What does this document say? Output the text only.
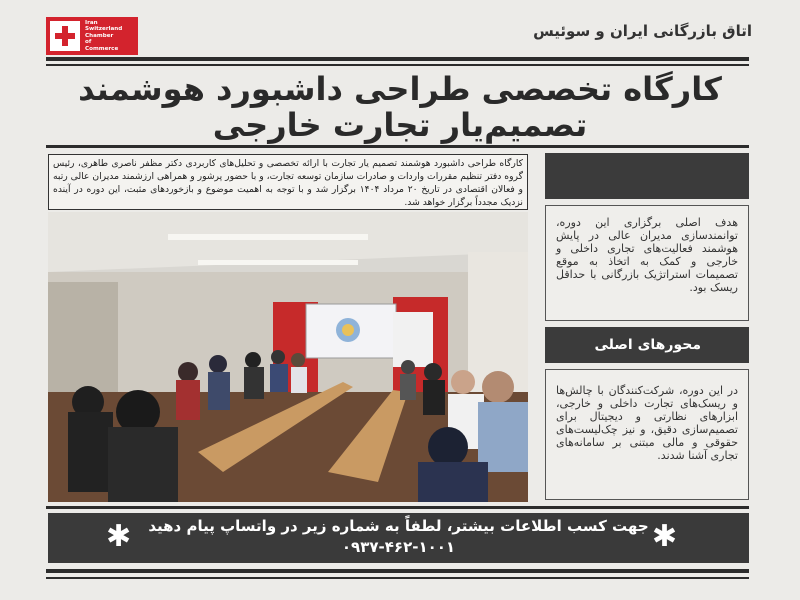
Iran
Switzerland
Chamber
of
Commerce
اتاق بازرگانی ایران و سوئیس
کارگاه تخصصی طراحی داشبورد هوشمند
تصمیم‌یار تجارت خارجی
کارگاه طراحی داشبورد هوشمند تصمیم یار تجارت با ارائه تخصصی و تحلیل‌های کاربردی دکتر مظفر ناصری طاهری، رئیس گروه دفتر تنظیم مقررات واردات و صادرات سازمان توسعه تجارت، و با حضور پرشور و همراهی ارزشمند مدیران عالی رتبه و فعالان اقتصادی در تاریخ ۲۰ مرداد ۱۴۰۴ برگزار شد و با توجه به اهمیت موضوع و بازخوردهای مثبت، این دوره در آینده نزدیک مجدداً برگزار خواهد شد.
هدف اصلی برگزاری این دوره، توانمندسازی مدیران عالی در پایش هوشمند فعالیت‌های تجاری داخلی و خارجی و کمک به اتخاذ به موقع تصمیمات استراتژیک بازرگانی با حداقل ریسک بود.
محورهای اصلی
در این دوره، شرکت‌کنندگان با چالش‌ها و ریسک‌های تجارت داخلی و خارجی، ابزارهای نظارتی و دیجیتال برای تصمیم‌سازی دقیق، و نیز چک‌لیست‌های حقوقی و مالی مبتنی بر سامانه‌های تجاری آشنا شدند.
جهت کسب اطلاعات بیشتر، لطفاً به شماره زیر در واتساپ پیام دهید
۰۹۳۷-۴۶۲-۱۰۰۱
✱	✱
